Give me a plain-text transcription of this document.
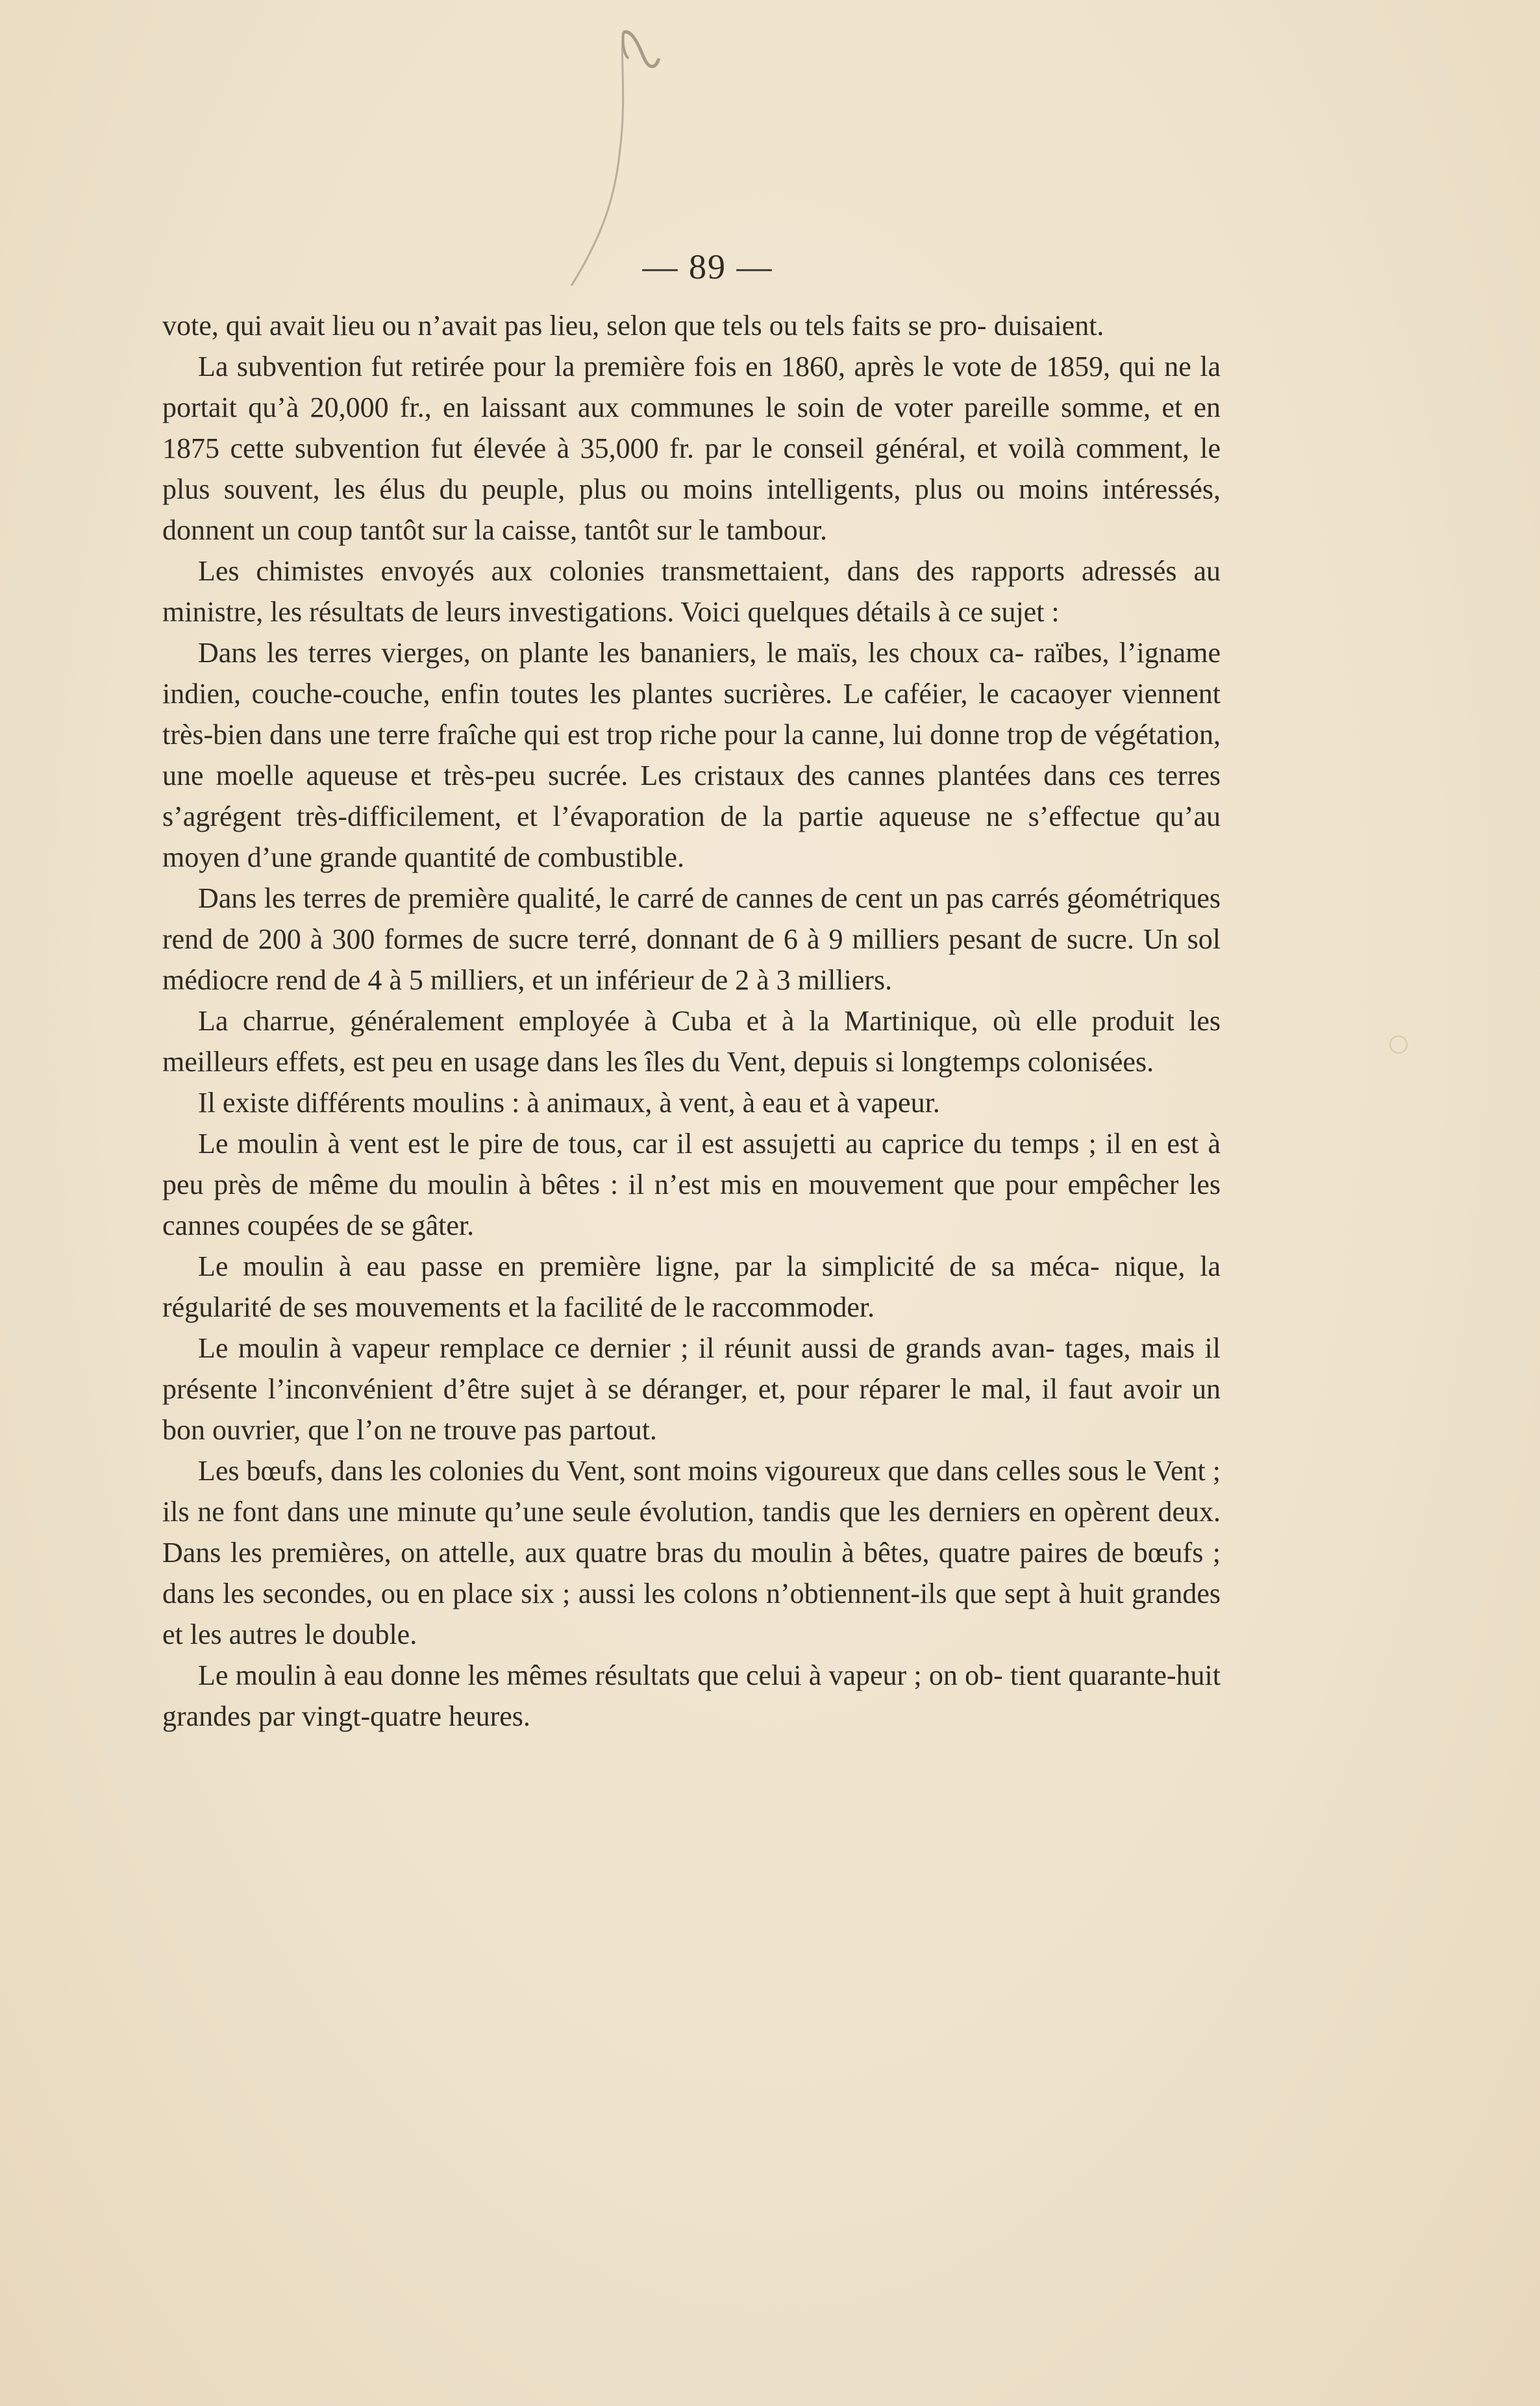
— 89 —

vote, qui avait lieu ou n’avait pas lieu, selon que tels ou tels faits se pro- duisaient.

La subvention fut retirée pour la première fois en 1860, après le vote de 1859, qui ne la portait qu’à 20,000 fr., en laissant aux communes le soin de voter pareille somme, et en 1875 cette subvention fut élevée à 35,000 fr. par le conseil général, et voilà comment, le plus souvent, les élus du peuple, plus ou moins intelligents, plus ou moins intéressés, donnent un coup tantôt sur la caisse, tantôt sur le tambour.

Les chimistes envoyés aux colonies transmettaient, dans des rapports adressés au ministre, les résultats de leurs investigations. Voici quelques détails à ce sujet :

Dans les terres vierges, on plante les bananiers, le maïs, les choux ca- raïbes, l’igname indien, couche-couche, enfin toutes les plantes sucrières. Le caféier, le cacaoyer viennent très-bien dans une terre fraîche qui est trop riche pour la canne, lui donne trop de végétation, une moelle aqueuse et très-peu sucrée. Les cristaux des cannes plantées dans ces terres s’agrégent très-difficilement, et l’évaporation de la partie aqueuse ne s’effectue qu’au moyen d’une grande quantité de combustible.

Dans les terres de première qualité, le carré de cannes de cent un pas carrés géométriques rend de 200 à 300 formes de sucre terré, donnant de 6 à 9 milliers pesant de sucre. Un sol médiocre rend de 4 à 5 milliers, et un inférieur de 2 à 3 milliers.

La charrue, généralement employée à Cuba et à la Martinique, où elle produit les meilleurs effets, est peu en usage dans les îles du Vent, depuis si longtemps colonisées.

Il existe différents moulins : à animaux, à vent, à eau et à vapeur.

Le moulin à vent est le pire de tous, car il est assujetti au caprice du temps ; il en est à peu près de même du moulin à bêtes : il n’est mis en mouvement que pour empêcher les cannes coupées de se gâter.

Le moulin à eau passe en première ligne, par la simplicité de sa méca- nique, la régularité de ses mouvements et la facilité de le raccommoder.

Le moulin à vapeur remplace ce dernier ; il réunit aussi de grands avan- tages, mais il présente l’inconvénient d’être sujet à se déranger, et, pour réparer le mal, il faut avoir un bon ouvrier, que l’on ne trouve pas partout.

Les bœufs, dans les colonies du Vent, sont moins vigoureux que dans celles sous le Vent ; ils ne font dans une minute qu’une seule évolution, tandis que les derniers en opèrent deux. Dans les premières, on attelle, aux quatre bras du moulin à bêtes, quatre paires de bœufs ; dans les secondes, ou en place six ; aussi les colons n’obtiennent-ils que sept à huit grandes et les autres le double.

Le moulin à eau donne les mêmes résultats que celui à vapeur ; on ob- tient quarante-huit grandes par vingt-quatre heures.
